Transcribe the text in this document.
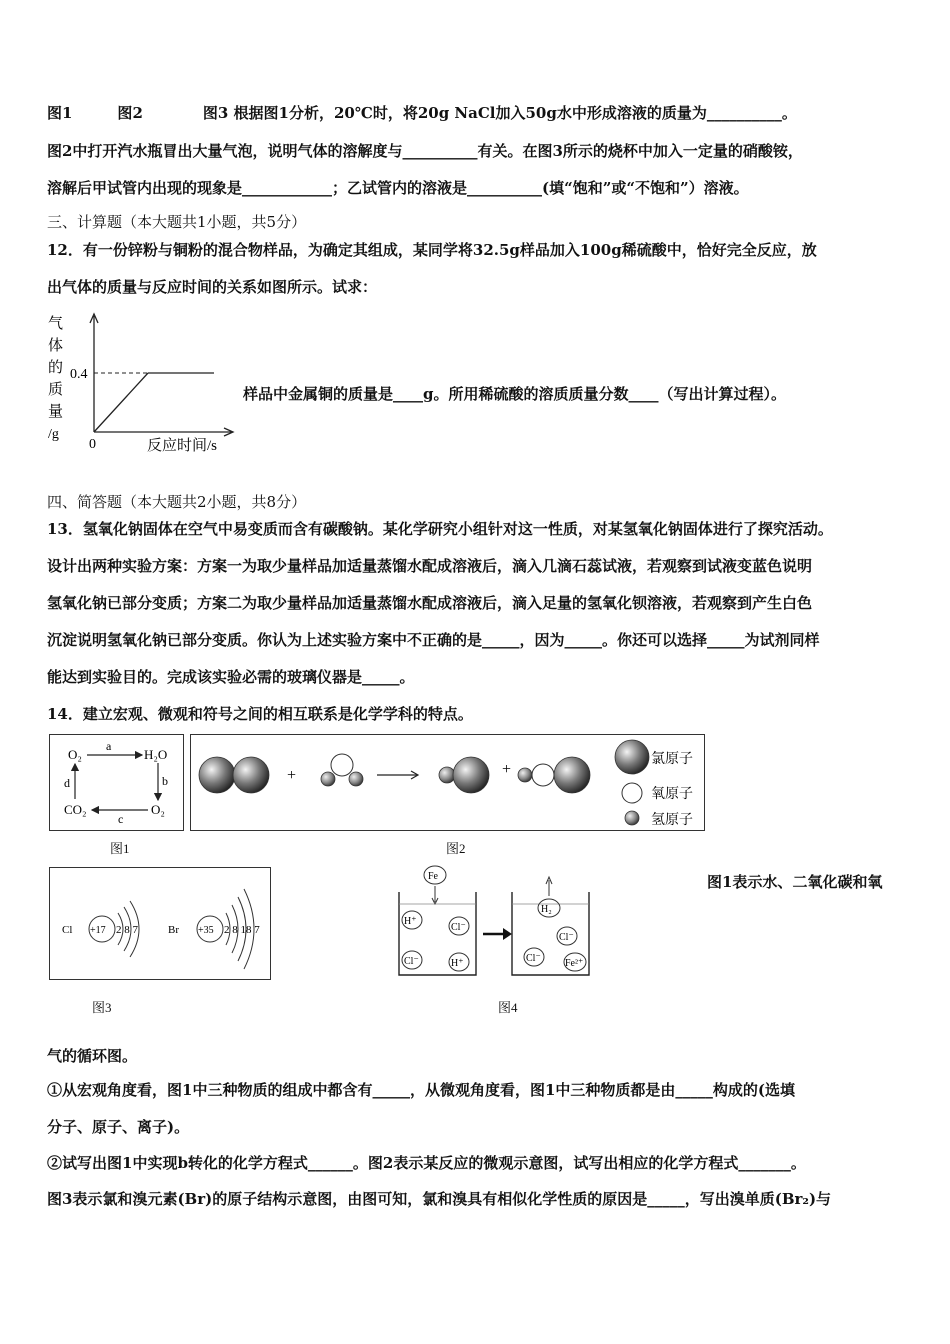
图1　　　图2　　　　图3 根据图1分析，20℃时，将20g NaCl加入50g水中形成溶液的质量为__________。
图2中打开汽水瓶冒出大量气泡，说明气体的溶解度与__________有关。在图3所示的烧杯中加入一定量的硝酸铵，
溶解后甲试管内出现的现象是____________；乙试管内的溶液是__________(填“饱和”或“不饱和”）溶液。
三、计算题（本大题共1小题，共5分）
12．有一份锌粉与铜粉的混合物样品，为确定其组成，某同学将32.5g样品加入100g稀硫酸中，恰好完全反应，放
出气体的质量与反应时间的关系如图所示。试求：
样品中金属铜的质量是____g。所用稀硫酸的溶质质量分数____（写出计算过程）。
四、简答题（本大题共2小题，共8分）
13．氢氧化钠固体在空气中易变质而含有碳酸钠。某化学研究小组针对这一性质，对某氢氧化钠固体进行了探究活动。
设计出两种实验方案：方案一为取少量样品加适量蒸馏水配成溶液后，滴入几滴石蕊试液，若观察到试液变蓝色说明
氢氧化钠已部分变质；方案二为取少量样品加适量蒸馏水配成溶液后，滴入足量的氢氧化钡溶液，若观察到产生白色
沉淀说明氢氧化钠已部分变质。你认为上述实验方案中不正确的是_____，因为_____。你还可以选择_____为试剂同样
能达到实验目的。完成该实验必需的玻璃仪器是_____。
14．建立宏观、微观和符号之间的相互联系是化学学科的特点。
图1表示水、二氧化碳和氧
气的循环图。
①从宏观角度看，图1中三种物质的组成中都含有_____，从微观角度看，图1中三种物质都是由_____构成的(选填
分子、原子、离子)。
②试写出图1中实现b转化的化学方程式______。图2表示某反应的微观示意图，试写出相应的化学方程式_______。
图3表示氯和溴元素(Br)的原子结构示意图，由图可知，氯和溴具有相似化学性质的原因是_____，写出溴单质(Br₂)与
气
体
的
质
量
/g
0.4
0	反应时间/s
O₂	H₂O
CO₂	O₂
a
b
c
d
图1
+	+
氯原子
氧原子
氢原子
图2
Cl +17 2 8 7	Br +35 2 8 18 7
图3
Fe
H⁺
Cl⁻
Cl⁻	H⁺
H₂
Cl⁻
Cl⁻ Fe²⁺
图4
